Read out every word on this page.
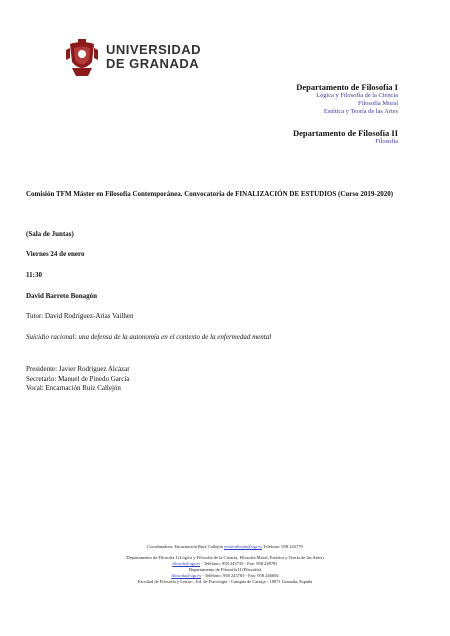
UNIVERSIDAD
DE GRANADA
Departamento de Filosofía I
Lógica y Filosofía de la Ciencia
Filosofía Moral
Estética y Teoría de las Artes
Departamento de Filosofía II
Filosofía
Comisión TFM Máster en Filosofía Contemporánea. Convocatoria de FINALIZACIÓN DE ESTUDIOS (Curso 2019-2020)
(Sala de Juntas)
Viernes 24 de enero
11:30
David Barreto Bonagón
Tutor: David Rodríguez-Arias Vailhen
Suicidio racional: una defensa de la autonomía en el contexto de la enfermedad mental
Presidente: Javier Rodríguez Alcázar
Secretario: Manuel de Pinedo García
Vocal: Encarnación Ruiz Callejón
Coordinadora: Encarnación Ruiz Callejón eruizcallejon@ugr.es Teléfono: 958 243779
Departamento de Filosofía I (Lógica y Filosofía de la Ciencia, Filosofía Moral, Estética y Teoría de las Artes)
filosofi@ugr.es - Teléfono: 958 243735 - Fax: 958 248781
Departamento de Filosofía II (Filosofía)
filosofia@ugr.es - Teléfono: 958 243783 - Fax: 958 246694
Facultad de Filosofía y Letras – Ed. de Psicología - Campus de Cartuja - 18071 Granada, España
